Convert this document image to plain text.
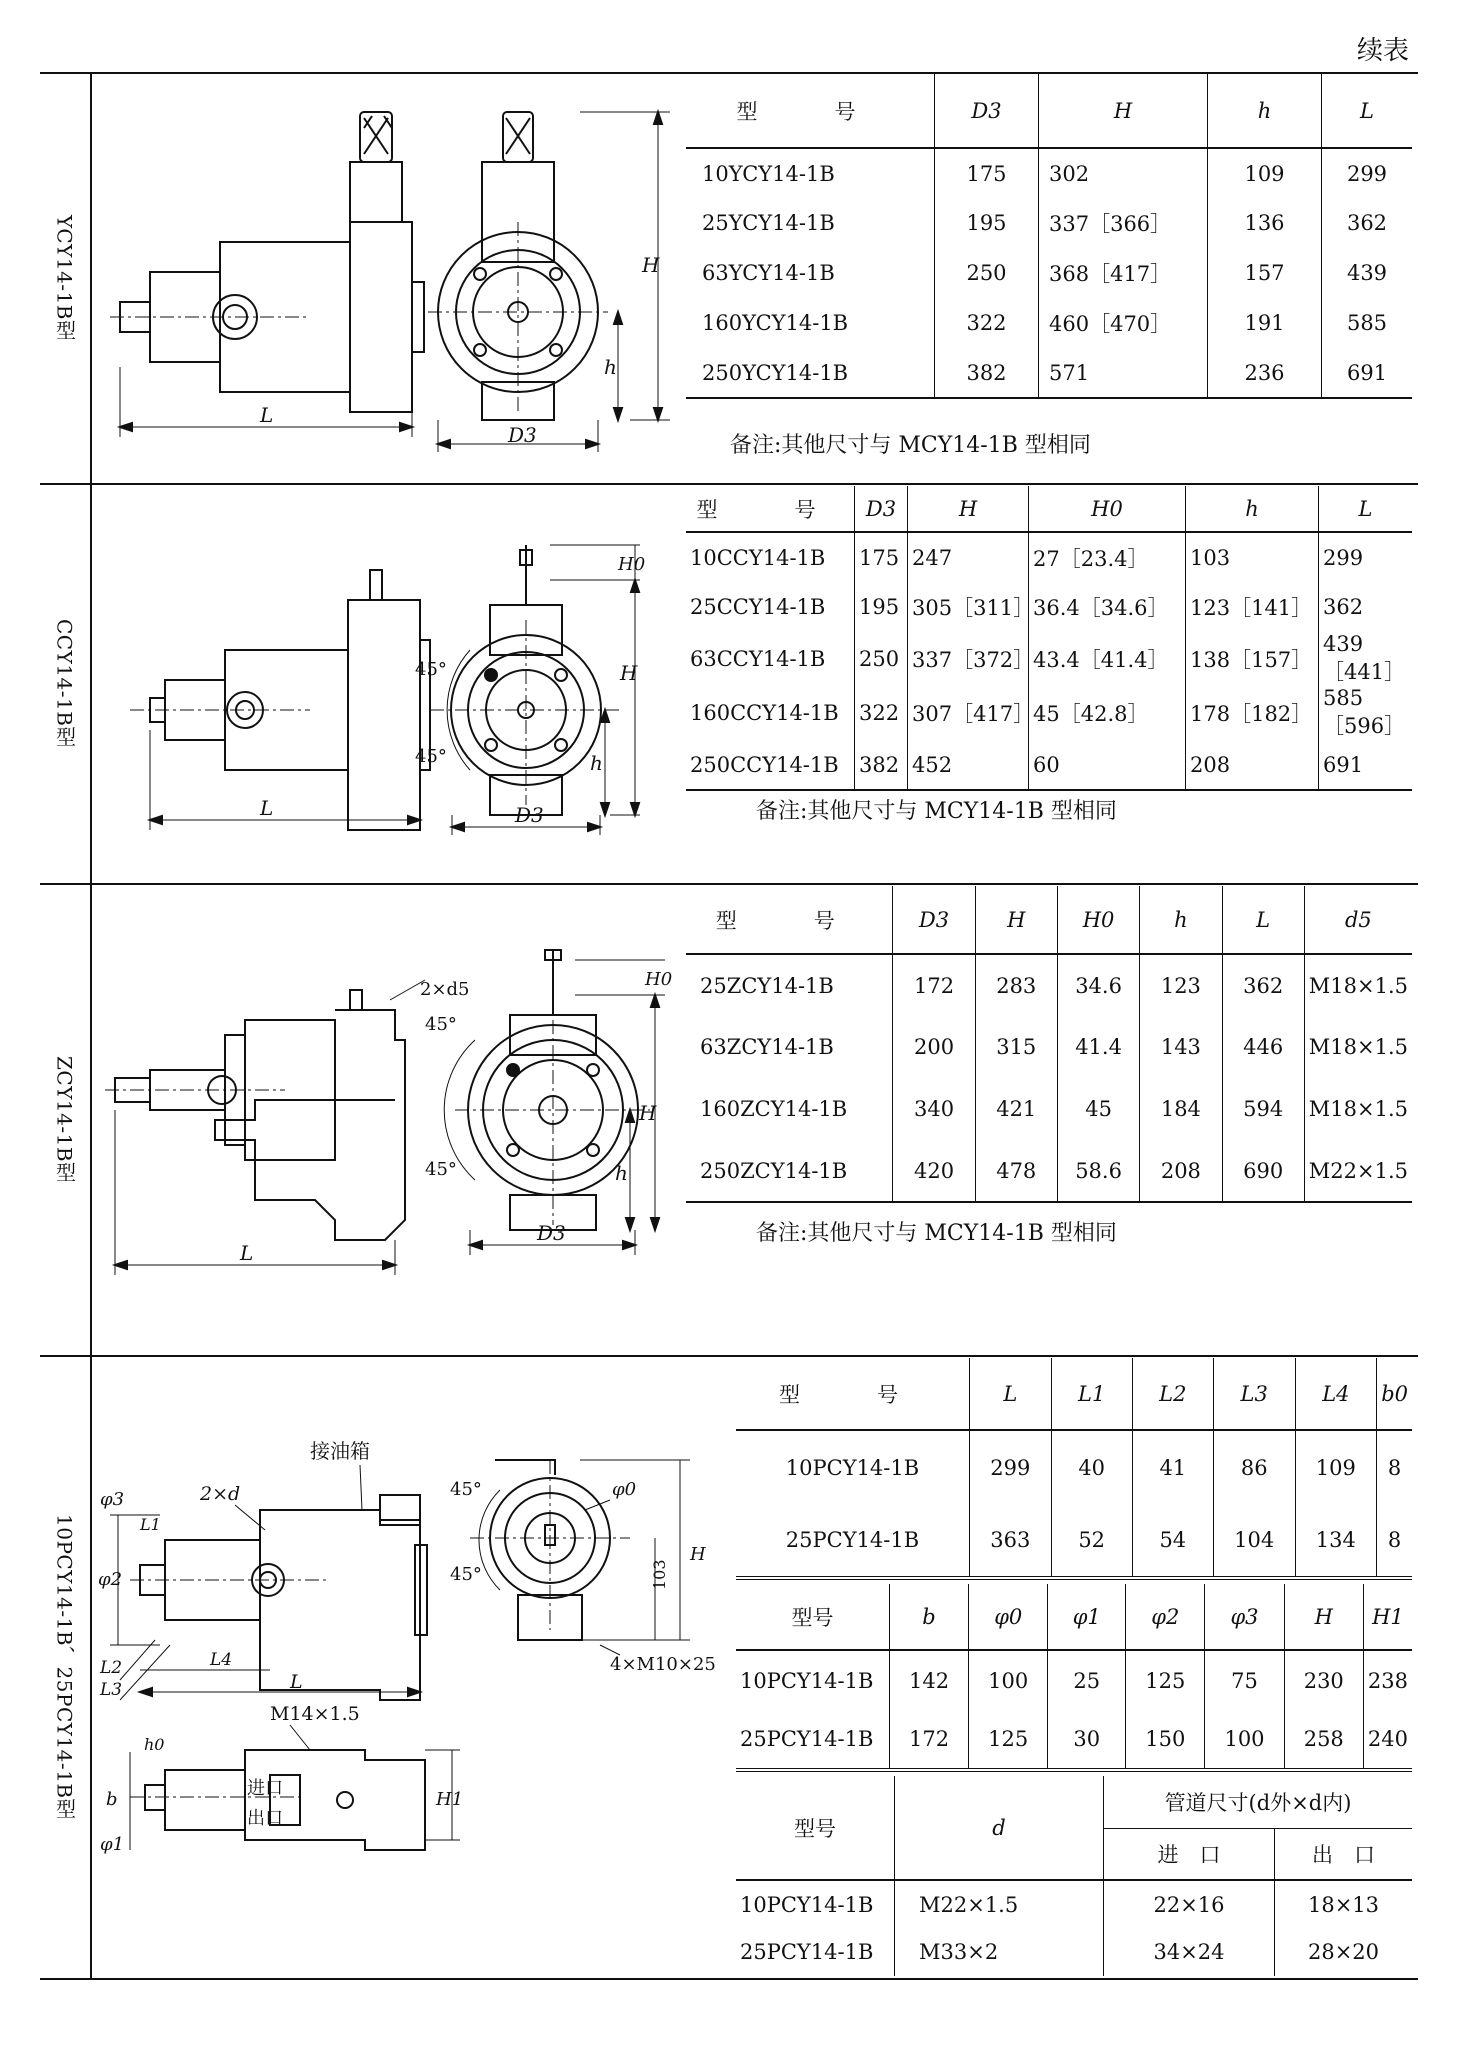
续表
YCY14-1B型
CCY14-1B型
ZCY14-1B型
10PCY14-1B、25PCY14-1B型
L
D3
H
h
型　号	D3	H	h	L
10YCY14-1B	175	302	109	299
25YCY14-1B	195	337［366］	136	362
63YCY14-1B	250	368［417］	157	439
160YCY14-1B	322	460［470］	191	585
250YCY14-1B	382	571	236	691
备注:其他尺寸与 MCY14-1B 型相同
L
45°
45°
D3
H0
H
h
型　号	D3	H	H0	h	L
10CCY14-1B	175	247	27［23.4］	103	299
25CCY14-1B	195	305［311］	36.4［34.6］	123［141］	362
63CCY14-1B	250	337［372］	43.4［41.4］	138［157］	439［441］
160CCY14-1B	322	307［417］	45［42.8］	178［182］	585［596］
250CCY14-1B	382	452	60	208	691
备注:其他尺寸与 MCY14-1B 型相同
2×d5
L
45°
45°
D3
H0
H
h
型　号	D3	H	H0	h	L	d5
25ZCY14-1B	172	283	34.6	123	362	M18×1.5
63ZCY14-1B	200	315	41.4	143	446	M18×1.5
160ZCY14-1B	340	421	45	184	594	M18×1.5
250ZCY14-1B	420	478	58.6	208	690	M22×1.5
备注:其他尺寸与 MCY14-1B 型相同
接油箱
2×d
φ3
φ2
L1
L2
L3
L4
L
M14×1.5
进口
出口
b
h0
φ1
H1
45°
45°
φ0
H
103
4×M10×25
型　号	L	L1	L2	L3	L4	b0
10PCY14-1B	299	40	41	86	109	8
25PCY14-1B	363	52	54	104	134	8
型号	b	φ0	φ1	φ2	φ3	H	H1
10PCY14-1B	142	100	25	125	75	230	238
25PCY14-1B	172	125	30	150	100	258	240
型号	d	管道尺寸(d外×d内)	
		进　口	出　口
10PCY14-1B	M22×1.5	22×16	18×13
25PCY14-1B	M33×2	34×24	28×20
